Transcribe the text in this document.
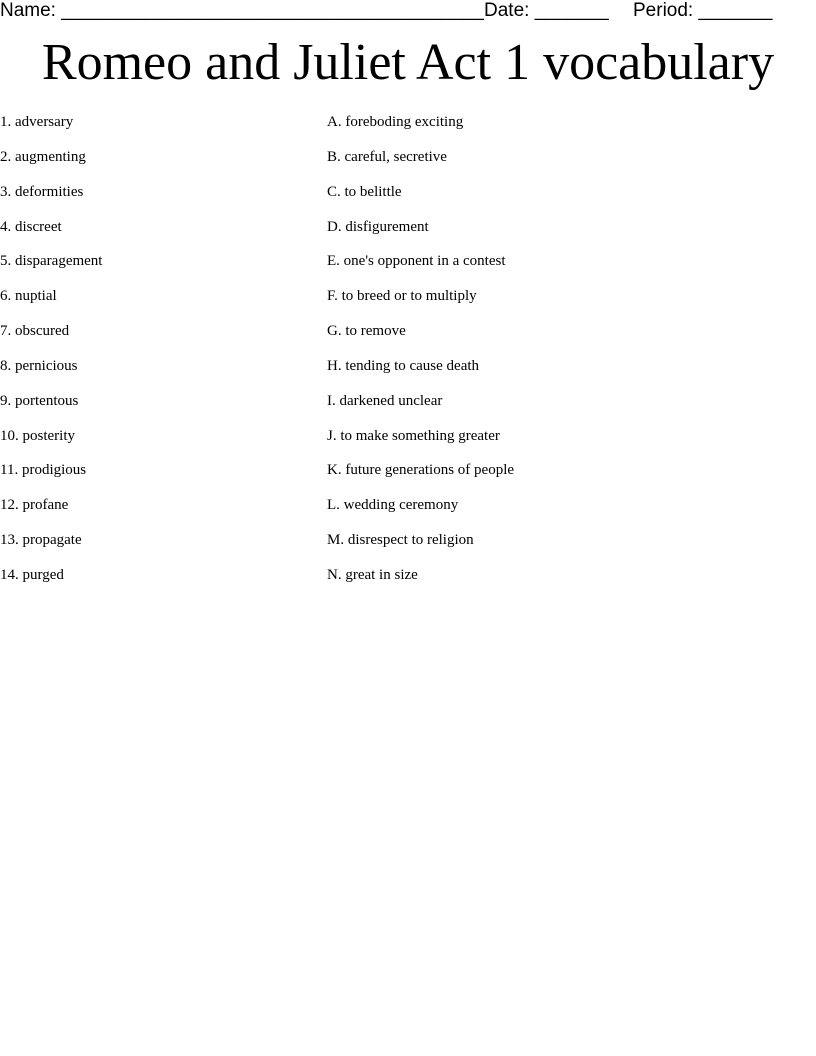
Name: ________________________________________ Date: _______ Period: _______
Romeo and Juliet Act 1 vocabulary
1. adversary
2. augmenting
3. deformities
4. discreet
5. disparagement
6. nuptial
7. obscured
8. pernicious
9. portentous
10. posterity
11. prodigious
12. profane
13. propagate
14. purged
A. foreboding exciting
B. careful, secretive
C. to belittle
D. disfigurement
E. one's opponent in a contest
F. to breed or to multiply
G. to remove
H. tending to cause death
I. darkened unclear
J. to make something greater
K. future generations of people
L. wedding ceremony
M. disrespect to religion
N. great in size
